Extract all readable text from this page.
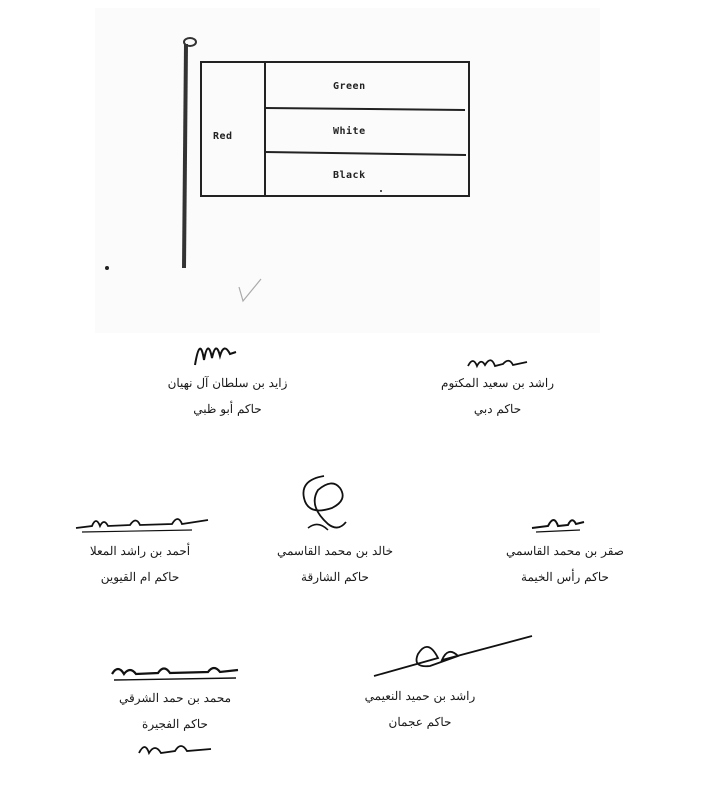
Red
Green
White
Black
زايد بن سلطان آل نهيان
حاكم أبو ظبي
راشد بن سعيد المكتوم
حاكم دبي
أحمد بن راشد المعلا
حاكم ام القيوين
خالد بن محمد القاسمي
حاكم الشارقة
صقر بن محمد القاسمي
حاكم رأس الخيمة
محمد بن حمد الشرقي
حاكم الفجيرة
راشد بن حميد النعيمي
حاكم عجمان
